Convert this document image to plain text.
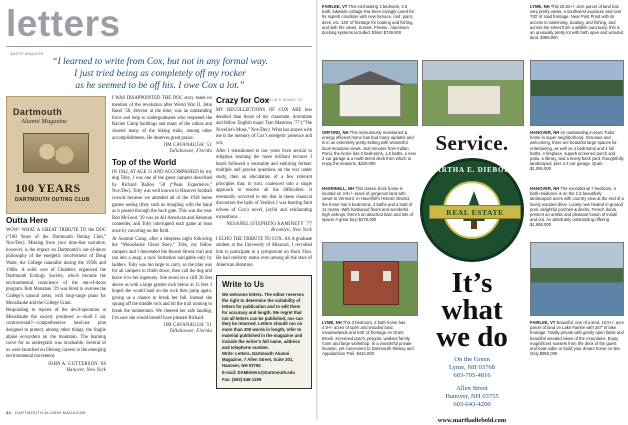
letters
QUOTE UNQUOTE
“I learned to write from Cox, but not in any formal way.
I just tried being as completely off my rocker
as he seemed to be off his. I owe Cox a lot.”
—FRANKLIN P. ADAMS '03
Dartmouth
Alumni Magazine
100 YEARS
DARTMOUTH OUTING CLUB
Outta Here

WOW! WHAT A GREAT TRIBUTE TO the DOC (“100 Years of the Dartmouth Outing Club,” Nov/Dec). Missing from your time-line narrative, however, is the impact on Dartmouth’s out-of-doors philosophy of the energetic involvement of Doug Wade, the College naturalist during the 1950s and 1960s. A solid core of Chubbers organized the Dartmouth Ecology Society, which became the environmental conscience of the out-of-doors program. Bob Monahan ’29 was hired to oversee the College’s natural areas, with long-range plans for Moosilauke and the College Grant.

Responding to reports of the devil-operation at Moosilauke the society produced a—shall I say controversial?—comprehensive land-use plan designed to protect, among other things, the fragile alpine ecosystem on the mountain. The learning curve for us undergrads was invaluable. Several of us were launched on lifelong careers in the emerging environmental movement.

JOHN A. GUTTERSON ’68
Hanover, New York

I WAS DISAPPOINTED THE DOC story made no mention of the revolution after World War II. John Rand ’58, director at the time, was an outstanding force and help to undergraduates who reopened the Ravine Camp buildings and many of the cabins and cleared many of the hiking trails, among other accomplishments. He deserves great praise.

JIM CAVANAUGH ’51
Tallahassee, Florida
Top of the World

IN 1942, AT AGE 11 AND ACCOMPANIED by my dog Toby, I was one of the guest campers described by Richard Ballou ’58 (“Peak Experience,” Nov/Dec). Toby was well known to Hanover football crowds because we attended all of the 1938 home games seeing (they such as mingling with the band as it passed through the back gate. This was the year Bob McLeod ’39 was an All-American and Heisman contender, and Toby interrupted each game at least once by cavorting on the field.

At Summit Camp, after a sleepless night following the “Moosilauke Ghost Story,” Toby, my fellow campers and I descended the Beaver Brook trail and ran into a snag: a rock formation navigable only by ladders. Toby was too large to carry, so the plan was for all campers to climb down, then call the dog and leave it to her ingenuity. She stood on a cliff 20 feet above us with a large granite rock below at 15 feet. I hoped she would land on the rock then jump again, giving us a chance to break her fall. Instead she sprang off the middle rock and hit the trail running to break the momentum. We cheered her safe landing. I’m sure she would herself have pleased Richard.

JIM CAVANAUGH ’51
Tallahassee, Florida
Crazy for Cox

MY RECOLLECTIONS OF COX ARE less detailed than those of my classmate, dormmate and fellow English major Tom Mastrosa ‘77 (“The Novelist’s Muse,” Nov/Dec). What has stayed with me is the memory of Cox’s energetic presence and wit.

After I transitioned to law years from secular to religious learning the more brilliant lectures I heard followed a venerable and enduring format: multiple and precise questions on the text under study, then an elucidation of a few relevant principles that, in turn, coalesced into a single approach to resolve all the difficulties. It eventually occurred to me that in these classical discourses the halls of Yeshiva I was hearing faint echoes of Cox’s novel, joyful and exhilarating expositions.

NESANEL (STEPHEN) KAMINETY ’77
Brooklyn, New York

I ECHO THE TRIBUTE TO COX. AS A graduate student at the University of Missouri, I recruited him to participate in a symposium on Huck Finn. He had celebrity status even among all the stars of American literature.

Write to Us
We welcome letters. The editor reserves the right to determine the suitability of letters for publication and to edit them for accuracy and length. We regret that not all letters can be published, nor can they be returned. Letters should run no more than 300 words in length, refer to material published in the magazine and include the writer’s full name, address and telephone number.
Write: Letters, Dartmouth Alumni Magazine, 7 Allen Street, Suite 201, Hanover, NH 03755
E-mail: DAMletters@Dartmouth.edu
Fax: (603) 646-1209
34 DARTMOUTH ALUMNI MAGAZINE
FAIRLEE, VT This enchanting 3 bedroom, 2.5 bath, lakeside cottage has been lovingly cared for. Its superb condition with new furnace, roof, paint, deck, etc. 140’ of frontage for boating and fishing, and with the views. Sunset. Private.. Aluminum docking systems included. Blinn! $749,900
ORFORD, NH This meticulously maintained & energy efficient home has had many updates and is in an extremely pretty setting with wonderful local mountain views. Just minutes from Indian Pond, the home has 2 bedrooms, 1.5 baths, a new 2-car garage & a multi-tiered deck from which to enjoy the seasons. $329,000
HAVERHILL, NH This classic brick home is located on 3.9+/- acres of gorgeous land with views to Vermont. In Haverhill’s Historic District, the home has 5 bedrooms, 2 baths and a total of 11 rooms. With hardwood floors and wonderful high ceilings, there’s an attached barn and lots of space! A great buy! $375,000
LYME, NH This 3 bedroom, 2 bath home has 4.9+/- acres of open and wooded land, meadowlands and 540’ of frontage on Grant Brook. Screened porch, pergola, walkout family room and large workshop. In a wonderful private location, yet convenient to Dartmouth Skiway and Appalachian Trail. $424,000
Service.
MARTHA E. DIEBOLD
REAL ESTATE
It’s
what
we do
On the Green
Lyme, NH 03768
603-795-4816
Allen Street
Hanover, NH 03755
603-643-4200
www.marthadiebold.com
LYME, NH This 25.52+/- acre parcel of land has very pretty views, a southwest exposure and over 700’ of road frontage. Near Post Pond with its access to swimming, boating, and fishing, and across the street from a wildlife sanctuary, this is an unusually pretty lot with both open and wooded land. $399,000
HANOVER, NH An outstanding in-town Tudor home in super neighborhood. Gracious and welcoming, there are beautiful large spaces for entertaining, as well as 4 bedrooms and 4 full baths. A fireplace, superb screened porch and patio, a library, and a lovely back yard, thoughtfully landscaped, plus a 2-car garage. Quiet. $1,095,000
HANOVER, NH The exceptional 7 bedroom, 4 bath residence is on the 2.2 beautifully landscaped acres with country view at the end of a lovely wooded drive. Lovely new heated in-ground pool, delightful porches & decks, French doors, present an artistic and pleasant fusion of inside and out. An absolutely outstanding offering. $1,695,000
FAIRLEE, VT Beautiful, one of a kind, 10.5+/- acre parcel of land on Lake Fairlee with 257’ of lake frontage. Totally private with gently open fields and beautiful wooded views of the mountains. Enjoy magnificent sunsets from the deck of the guest and boat cabin or build your dream home on site. Only $950,000
